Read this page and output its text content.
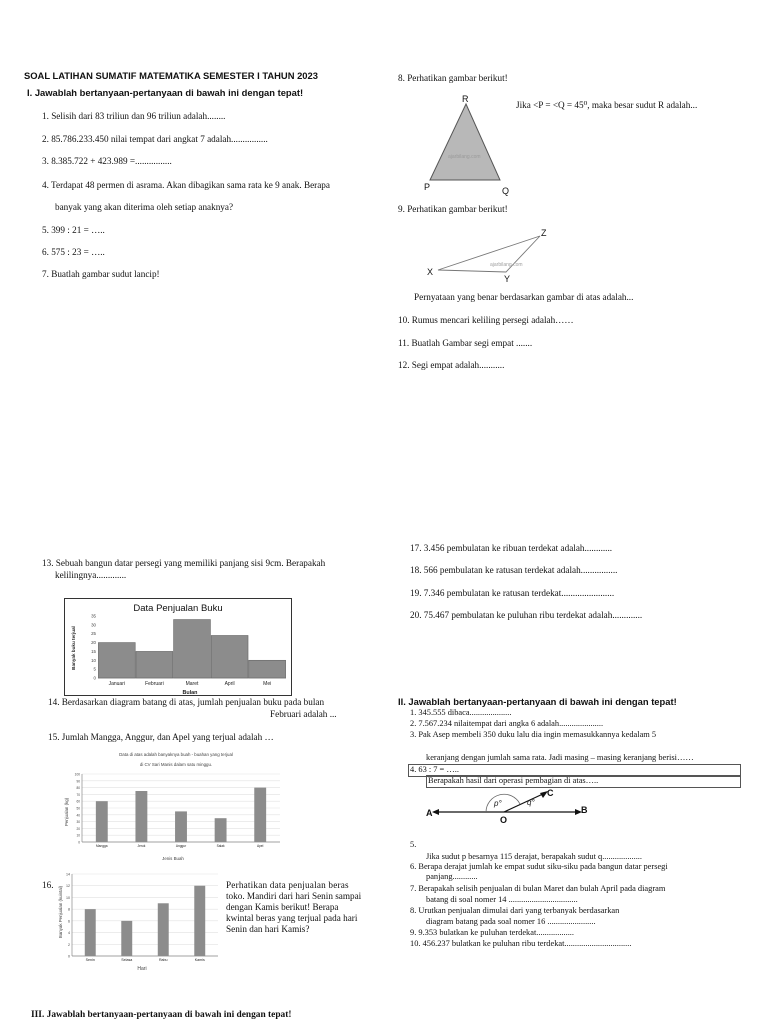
SOAL LATIHAN SUMATIF MATEMATIKA SEMESTER I TAHUN 2023
I. Jawablah bertanyaan-pertanyaan di bawah ini dengan tepat!
1. Selisih dari 83 triliun dan 96 triliun adalah........
2. 85.786.233.450 nilai tempat dari angkat 7 adalah................
3. 8.385.722 + 423.989 =................
4. Terdapat 48 permen di asrama. Akan dibagikan sama rata ke 9 anak. Berapa
banyak yang akan diterima oleh setiap anaknya?
5. 399 : 21 = …..
6. 575 : 23 = …..
7. Buatlah gambar sudut lancip!
8. Perhatikan gambar berikut!
R
P	Q
ajarbilang.com
Jika <P = <Q = 45⁰, maka besar sudut R adalah...
9. Perhatikan gambar berikut!
Z
X
Y
ajarbilang.com
Pernyataan yang benar berdasarkan gambar di atas adalah...
10. Rumus mencari keliling persegi adalah……
11. Buatlah Gambar segi empat .......
12. Segi empat adalah...........
13. Sebuah bangun datar persegi yang memiliki panjang sisi 9cm. Berapakah
kelilingnya.............
Data Penjualan Buku
Banyak buku terjual
Bulan
0
5
10
15
20
25
30
35
Januari	Februari	Maret	April	Mei
14. Berdasarkan diagram batang di atas, jumlah penjualan buku pada bulan
Februari adalah ...
15. Jumlah Mangga, Anggur, dan Apel yang terjual adalah …
Data di atas adalah banyaknya buah - buahan yang terjual
di CV Sari Manis dalam satu minggu.
Penjualan (kg)
Jenis Buah
0
10
20
30
40
50
60
70
80
90
100
Mangga	Jeruk	Anggur	Salak	Apel
16.
Banyak Penjualan (kuintal)
Hari
0
2
4
6
8
10
12
14
Senin	Selasa	Rabu	Kamis
Perhatikan data penjualan beras
toko. Mandiri dari hari Senin sampai
dengan Kamis berikut! Berapa
kwintal beras yang terjual pada hari
Senin dan hari Kamis?
17. 3.456 pembulatan ke ribuan terdekat adalah............
18. 566 pembulatan ke ratusan terdekat adalah................
19. 7.346 pembulatan ke ratusan terdekat.......................
20. 75.467 pembulatan ke puluhan ribu terdekat adalah.............
II. Jawablah bertanyaan-pertanyaan di bawah ini dengan tepat!
1. 345.555 dibaca....................
2. 7.567.234 nilaitempat dari angka 6 adalah.....................
3. Pak Asep membeli 350 duku lalu dia ingin memasukkannya kedalam 5
keranjang dengan jumlah sama rata. Jadi masing – masing keranjang berisi……
4. 63 : 7 = …..
Berapakah hasil dari operasi pembagian di atas…..
A	B
C
O
p°	q°
5.
Jika sudut p besarnya 115 derajat, berapakah sudut q...................
6. Berapa derajat jumlah ke empat sudut siku-siku pada bangun datar persegi
panjang............
7. Berapakah selisih penjualan di bulan Maret dan bulah April pada diagram
batang di soal nomer 14 .................................
8. Urutkan penjualan dimulai dari yang terbanyak berdasarkan
diagram batang pada soal nomer 16 .......................
9. 9.353 bulatkan ke puluhan terdekat..................
10. 456.237 bulatkan ke puluhan ribu terdekat................................
III. Jawablah bertanyaan-pertanyaan di bawah ini dengan tepat!
